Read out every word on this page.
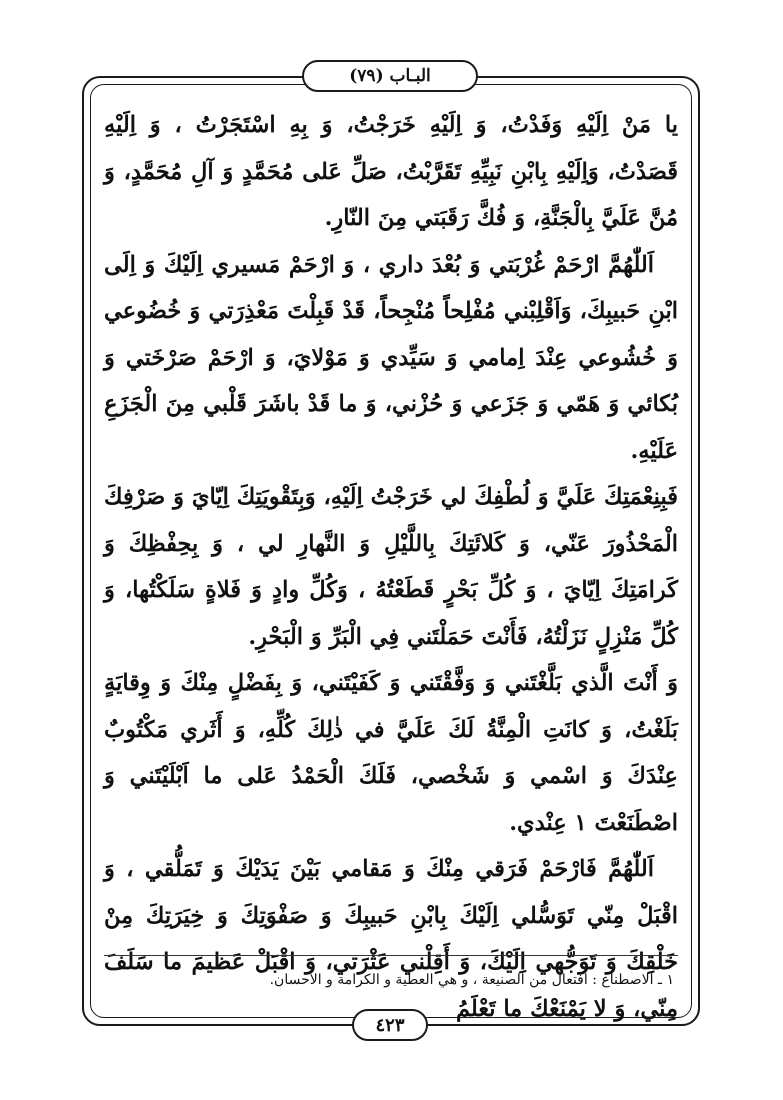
البـاب (٧٩)

يا مَنْ اِلَيْهِ وَفَدْتُ، وَ اِلَيْهِ خَرَجْتُ، وَ بِهِ اسْتَجَرْتُ ، وَ اِلَيْهِ قَصَدْتُ، وَاِلَيْهِ بِابْنِ نَبِيِّهِ تَقَرَّبْتُ، صَلِّ عَلى مُحَمَّدٍ وَ آلِ مُحَمَّدٍ، وَ مُنَّ عَلَيَّ بِالْجَنَّةِ، وَ فُكَّ رَقَبَتي مِنَ النّارِ.

اَللّٰهُمَّ ارْحَمْ غُرْبَتي وَ بُعْدَ داري ، وَ ارْحَمْ مَسيري اِلَيْكَ وَ اِلَى ابْنِ حَبيبِكَ، وَاَقْلِبْني مُفْلِحاً مُنْجِحاً، قَدْ قَبِلْتَ مَعْذِرَتي وَ خُضُوعي وَ خُشُوعي عِنْدَ اِمامي وَ سَيِّدي وَ مَوْلايَ، وَ ارْحَمْ صَرْخَتي وَ بُكائي وَ هَمّي وَ جَزَعي وَ حُزْني، وَ ما قَدْ باشَرَ قَلْبي مِنَ الْجَزَعِ عَلَيْهِ.

فَبِنِعْمَتِكَ عَلَيَّ وَ لُطْفِكَ لي خَرَجْتُ اِلَيْهِ، وَبِتَقْويَتِكَ اِيّايَ وَ صَرْفِكَ الْمَحْذُورَ عَنّي، وَ كَلائَتِكَ بِاللَّيْلِ وَ النَّهارِ لي ، وَ بِحِفْظِكَ وَ كَرامَتِكَ اِيّايَ ، وَ كُلِّ بَحْرٍ قَطَعْتُهُ ، وَكُلِّ وادٍ وَ فَلاةٍ سَلَكْتُها، وَ كُلِّ مَنْزِلٍ نَزَلْتُهُ، فَأَنْتَ حَمَلْتَني فِي الْبَرِّ وَ الْبَحْرِ.

وَ أَنْتَ الَّذي بَلَّغْتَني وَ وَفَّقْتَني وَ كَفَيْتَني، وَ بِفَضْلٍ مِنْكَ وَ وِقايَةٍ بَلَغْتُ، وَ كانَتِ الْمِنَّةُ لَكَ عَلَيَّ في ذٰلِكَ كُلِّهِ، وَ أَثَري مَكْتُوبٌ عِنْدَكَ وَ اسْمي وَ شَخْصي، فَلَكَ الْحَمْدُ عَلى ما اَبْلَيْتَني وَ اصْطَنَعْتَ ١ عِنْدي.

اَللّٰهُمَّ فَارْحَمْ فَرَقي مِنْكَ وَ مَقامي بَيْنَ يَدَيْكَ وَ تَمَلُّقي ، وَ اقْبَلْ مِنّي تَوَسُّلي اِلَيْكَ بِابْنِ حَبيبِكَ وَ صَفْوَتِكَ وَ خِيَرَتِكَ مِنْ خَلْقِكَ وَ تَوَجُّهي اِلَيْكَ، وَ أَقِلْني عَثْرَتي، وَ اقْبَلْ عَظيمَ ما سَلَفَ مِنّي، وَ لا يَمْنَعْكَ ما تَعْلَمُ

١ ـ الاصطناع : افتعال من الصنيعة ، و هي العطية و الكرامة و الاحسان.
٤٢٣
